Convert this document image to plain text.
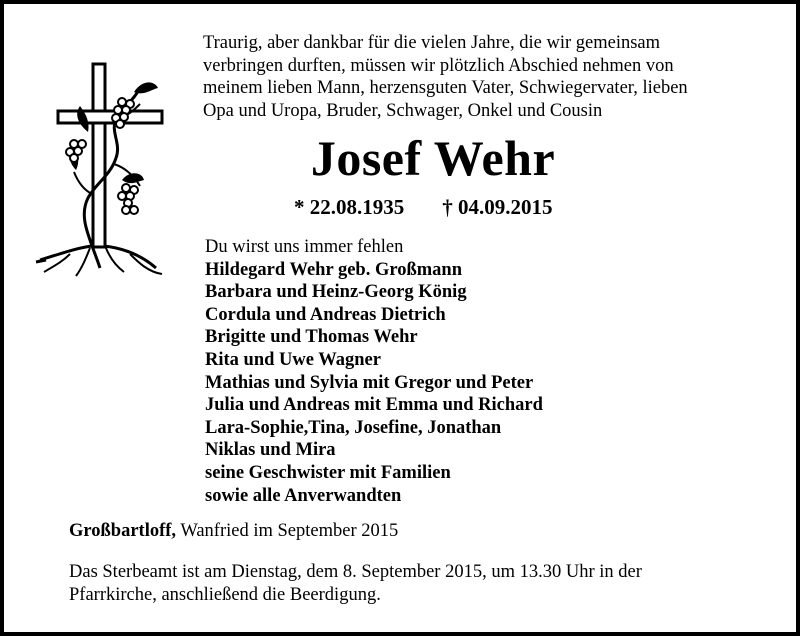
Traurig, aber dankbar für die vielen Jahre, die wir gemeinsam
verbringen durften, müssen wir plötzlich Abschied nehmen von
meinem lieben Mann, herzensguten Vater, Schwiegervater, lieben
Opa und Uropa, Bruder, Schwager, Onkel und Cousin
Josef Wehr
* 22.08.1935 † 04.09.2015
Du wirst uns immer fehlen
Hildegard Wehr geb. Großmann
Barbara und Heinz-Georg König
Cordula und Andreas Dietrich
Brigitte und Thomas Wehr
Rita und Uwe Wagner
Mathias und Sylvia mit Gregor und Peter
Julia und Andreas mit Emma und Richard
Lara-Sophie,Tina, Josefine, Jonathan
Niklas und Mira
seine Geschwister mit Familien
sowie alle Anverwandten
Großbartloff, Wanfried im September 2015
Das Sterbeamt ist am Dienstag, dem 8. September 2015, um 13.30 Uhr in der
Pfarrkirche, anschließend die Beerdigung.
